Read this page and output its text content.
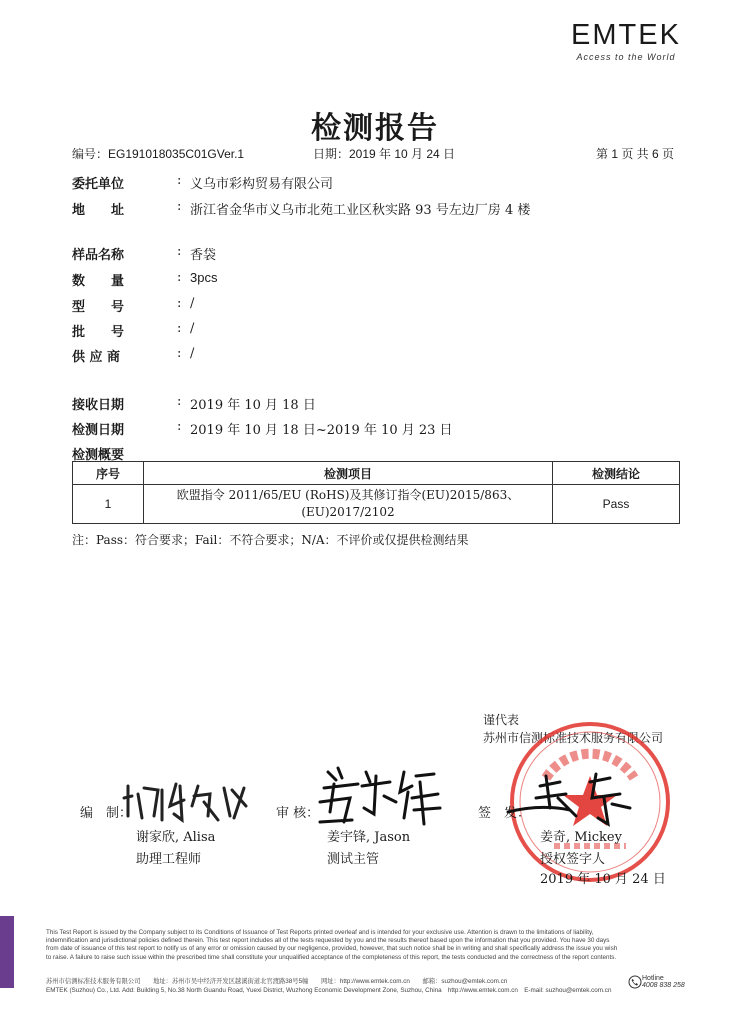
EMTEK
Access to the World
检测报告
编号：EG191018035C01GVer.1	日期：2019 年 10 月 24 日	第 1 页 共 6 页
委托单位	: 义乌市彩构贸易有限公司
地　　址	: 浙江省金华市义乌市北苑工业区秋实路 93 号左边厂房 4 楼
样品名称	: 香袋
数　　量	: 3pcs
型　　号	: /
批　　号	: /
供 应 商	: /
接收日期	: 2019 年 10 月 18 日
检测日期	: 2019 年 10 月 18 日~2019 年 10 月 23 日
检测概要
序号	检测项目	检测结论
1	欧盟指令 2011/65/EU (RoHS)及其修订指令(EU)2015/863、
(EU)2017/2102	Pass
注：Pass：符合要求；Fail：不符合要求；N/A：不评价或仅提供检测结果
谨代表
苏州市信测标准技术服务有限公司
编　制：
谢家欣, Alisa
助理工程师
审 核：
姜宇锋, Jason
测试主管
签　发：
姜奇, Mickey
授权签字人
2019 年 10 月 24 日
This Test Report is issued by the Company subject to its Conditions of Issuance of Test Reports printed overleaf and is intended for your exclusive use. Attention is drawn to the limitations of liability,
indemnification and jurisdictional policies defined therein. This test report includes all of the tests requested by you and the results thereof based upon the information that you provided. You have 30 days
from date of issuance of this test report to notify us of any error or omission caused by our negligence, provided, however, that such notice shall be in writing and shall specifically address the issue you wish
to raise. A failure to raise such issue within the prescribed time shall constitute your unqualified acceptance of the completeness of this report, the tests conducted and the correctness of the report contents.
苏州市信测标准技术服务有限公司　　地址：苏州市吴中经济开发区越溪街道北官渡路38号5幢　　网址：http://www.emtek.com.cn　　邮箱：suzhou@emtek.com.cn
EMTEK (Suzhou) Co., Ltd. Add: Building 5, No.38 North Guandu Road, Yuexi District, Wuzhong Economic Development Zone, Suzhou, China　http://www.emtek.com.cn　E-mail: suzhou@emtek.com.cn
Hotline
4008 838 258
